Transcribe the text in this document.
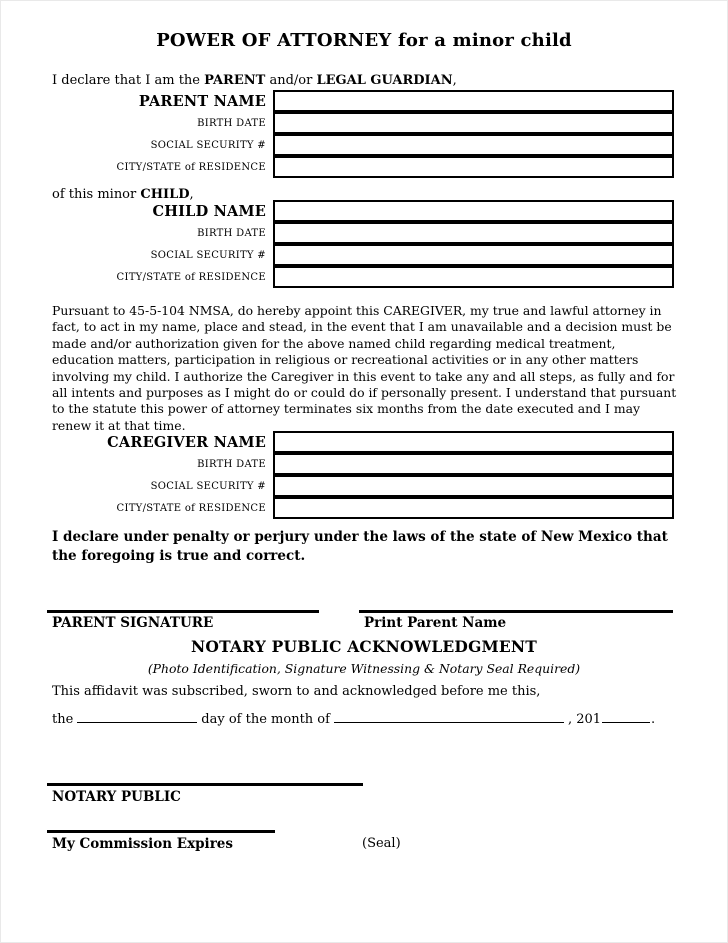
POWER OF ATTORNEY for a minor child
I declare that I am the PARENT and/or LEGAL GUARDIAN,
PARENT NAME
BIRTH DATE
SOCIAL SECURITY #
CITY/STATE of RESIDENCE
of this minor CHILD,
CHILD NAME
BIRTH DATE
SOCIAL SECURITY #
CITY/STATE of RESIDENCE
Pursuant to 45-5-104 NMSA, do hereby appoint this CAREGIVER, my true and lawful attorney in fact, to act in my name, place and stead, in the event that I am unavailable and a decision must be made and/or authorization given for the above named child regarding medical treatment, education matters, participation in religious or recreational activities or in any other matters involving my child. I authorize the Caregiver in this event to take any and all steps, as fully and for all intents and purposes as I might do or could do if personally present. I understand that pursuant to the statute this power of attorney terminates six months from the date executed and I may renew it at that time.
CAREGIVER NAME
BIRTH DATE
SOCIAL SECURITY #
CITY/STATE of RESIDENCE
I declare under penalty or perjury under the laws of the state of New Mexico that the foregoing is true and correct.
PARENT SIGNATURE	Print Parent Name
NOTARY PUBLIC ACKNOWLEDGMENT
(Photo Identification, Signature Witnessing & Notary Seal Required)
This affidavit was subscribed, sworn to and acknowledged before me this,
the	day of the month of	, 201	.
NOTARY PUBLIC
My Commission Expires	(Seal)
